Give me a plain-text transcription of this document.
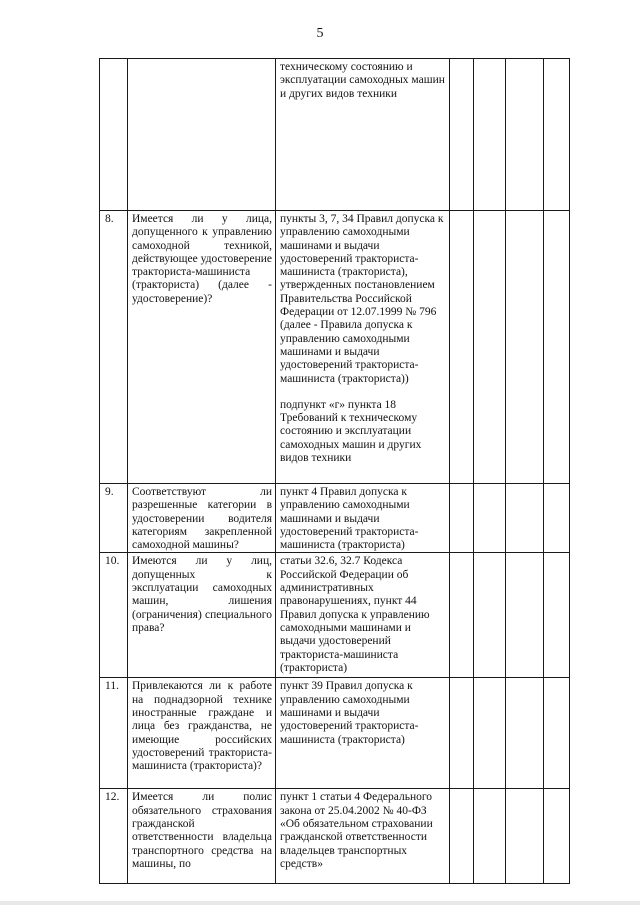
5

		техническому состоянию и эксплуатации самоходных машин и других видов техники				

8.	Имеется ли у лица, допущенного к управлению самоходной техникой, действующее удостоверение тракториста-машиниста (тракториста) (далее - удостоверение)?	пункты 3, 7, 34 Правил допуска к управлению самоходными машинами и выдачи удостоверений тракториста-машиниста (тракториста), утвержденных постановлением Правительства Российской Федерации от 12.07.1999 № 796 (далее - Правила допуска к управлению самоходными машинами и выдачи удостоверений тракториста-машиниста (тракториста))
подпункт «г» пункта 18 Требований к техническому состоянию и эксплуатации самоходных машин и других видов техники				

9.	Соответствуют ли разрешенные категории в удостоверении водителя категориям закрепленной самоходной машины?	пункт 4 Правил допуска к управлению самоходными машинами и выдачи удостоверений тракториста-машиниста (тракториста)				

10.	Имеются ли у лиц, допущенных к эксплуатации самоходных машин, лишения (ограничения) специального права?	статьи 32.6, 32.7 Кодекса Российской Федерации об административных правонарушениях, пункт 44 Правил допуска к управлению самоходными машинами и выдачи удостоверений тракториста-машиниста (тракториста)				

11.	Привлекаются ли к работе на поднадзорной технике иностранные граждане и лица без гражданства, не имеющие российских удостоверений тракториста-машиниста (тракториста)?	пункт 39 Правил допуска к управлению самоходными машинами и выдачи удостоверений тракториста-машиниста (тракториста)				

12.	Имеется ли полис обязательного страхования гражданской ответственности владельца транспортного средства на машины, по	пункт 1 статьи 4 Федерального закона от 25.04.2002 № 40-ФЗ «Об обязательном страховании гражданской ответственности владельцев транспортных средств»				
